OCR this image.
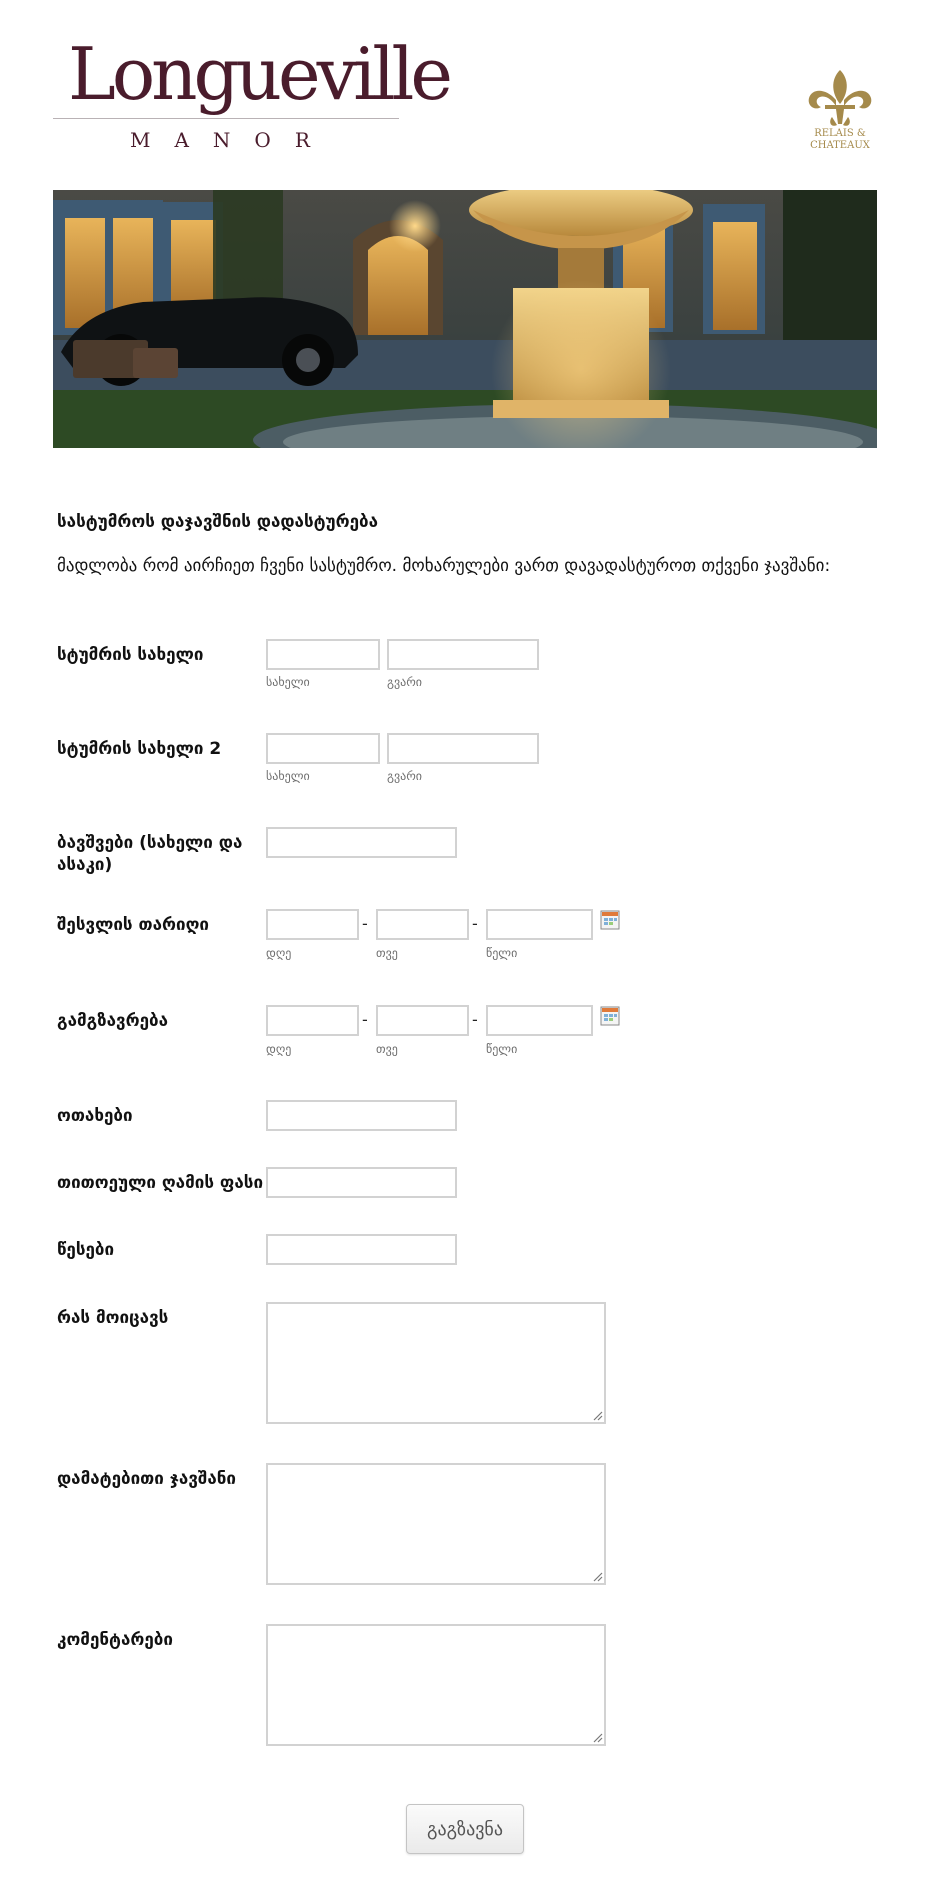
Longueville

MANOR	RELAIS &
CHATEAUX
სასტუმროს დაჯავშნის დადასტურება

მადლობა რომ აირჩიეთ ჩვენი სასტუმრო. მოხარულები ვართ დავადასტუროთ თქვენი ჯავშანი:

სტუმრის სახელი

სახელი	გვარი

სტუმრის სახელი 2

სახელი	გვარი

ბავშვები (სახელი და ასაკი)

შესვლის თარიღი	-	-

დღე	თვე	წელი

გამგზავრება	-	-

დღე	თვე	წელი

ოთახები

თითოეული ღამის ფასი

წესები

რას მოიცავს

დამატებითი ჯავშანი

კომენტარები

გაგზავნა
